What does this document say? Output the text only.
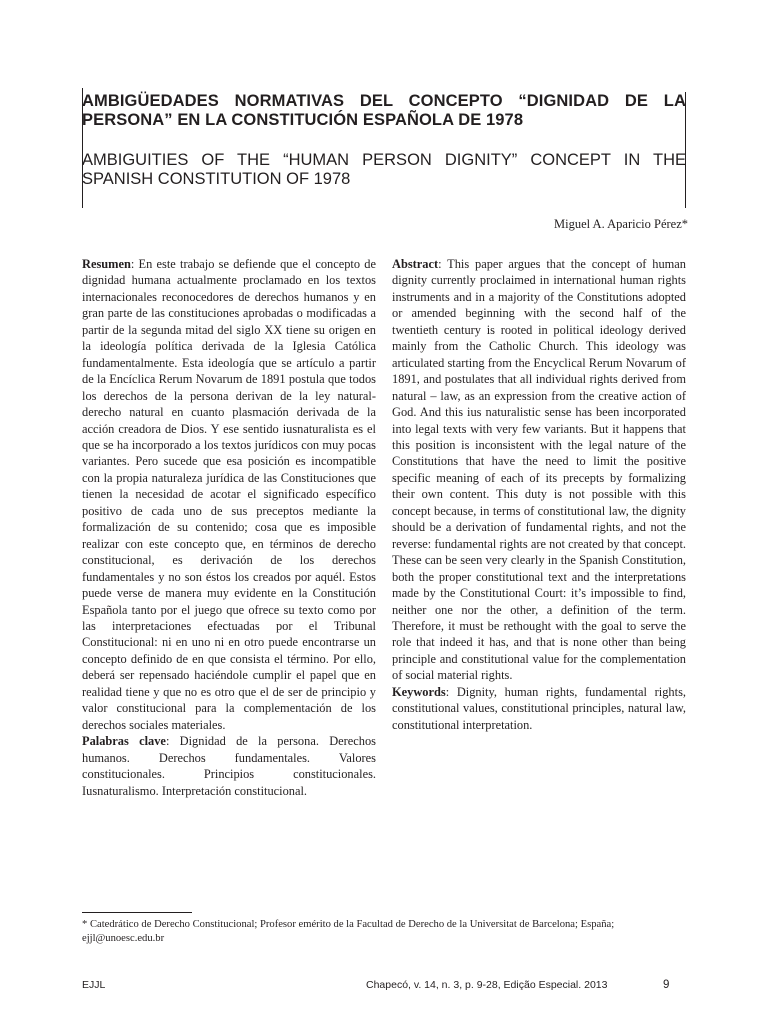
AMBIGÜEDADES NORMATIVAS DEL CONCEPTO “DIGNIDAD DE LA PERSONA” EN LA CONSTITUCIÓN ESPAÑOLA DE 1978
AMBIGUITIES OF THE “HUMAN PERSON DIGNITY” CONCEPT IN THE SPANISH CONSTITUTION OF 1978
Miguel A. Aparicio Pérez*

Resumen: En este trabajo se defiende que el concepto de dignidad humana actualmente proclamado en los textos internacionales reconocedores de derechos humanos y en gran parte de las constituciones aprobadas o modificadas a partir de la segunda mitad del siglo XX tiene su origen en la ideología política derivada de la Iglesia Católica fundamentalmente. Esta ideología que se artículo a partir de la Encíclica Rerum Novarum de 1891 postula que todos los derechos de la persona derivan de la ley natural-derecho natural en cuanto plasmación derivada de la acción creadora de Dios. Y ese sentido iusnaturalista es el que se ha incorporado a los textos jurídicos con muy pocas variantes. Pero sucede que esa posición es incompatible con la propia naturaleza jurídica de las Constituciones que tienen la necesidad de acotar el significado específico positivo de cada uno de sus preceptos mediante la formalización de su contenido; cosa que es imposible realizar con este concepto que, en términos de derecho constitucional, es derivación de los derechos fundamentales y no son éstos los creados por aquél. Estos puede verse de manera muy evidente en la Constitución Española tanto por el juego que ofrece su texto como por las interpretaciones efectuadas por el Tribunal Constitucional: ni en uno ni en otro puede encontrarse un concepto definido de en que consista el término. Por ello, deberá ser repensado haciéndole cumplir el papel que en realidad tiene y que no es otro que el de ser de principio y valor constitucional para la complementación de los derechos sociales materiales.

Palabras clave: Dignidad de la persona. Derechos humanos. Derechos fundamentales. Valores constitucionales. Principios constitucionales. Iusnaturalismo. Interpretación constitucional.

Abstract: This paper argues that the concept of human dignity currently proclaimed in international human rights instruments and in a majority of the Constitutions adopted or amended beginning with the second half of the twentieth century is rooted in political ideology derived mainly from the Catholic Church. This ideology was articulated starting from the Encyclical Rerum Novarum of 1891, and postulates that all individual rights derived from natural – law, as an expression from the creative action of God. And this ius naturalistic sense has been incorporated into legal texts with very few variants. But it happens that this position is inconsistent with the legal nature of the Constitutions that have the need to limit the positive specific meaning of each of its precepts by formalizing their own content. This duty is not possible with this concept because, in terms of constitutional law, the dignity should be a derivation of fundamental rights, and not the reverse: fundamental rights are not created by that concept. These can be seen very clearly in the Spanish Constitution, both the proper constitutional text and the interpretations made by the Constitutional Court: it’s impossible to find, neither one nor the other, a definition of the term. Therefore, it must be rethought with the goal to serve the role that indeed it has, and that is none other than being principle and constitutional value for the complementation of social material rights.

Keywords: Dignity, human rights, fundamental rights, constitutional values, constitutional principles, natural law, constitutional interpretation.

* Catedrático de Derecho Constitucional; Profesor emérito de la Facultad de Derecho de la Universitat de Barcelona; España; ejjl@unoesc.edu.br
EJJL	Chapecó, v. 14, n. 3, p. 9-28, Edição Especial. 2013	9
